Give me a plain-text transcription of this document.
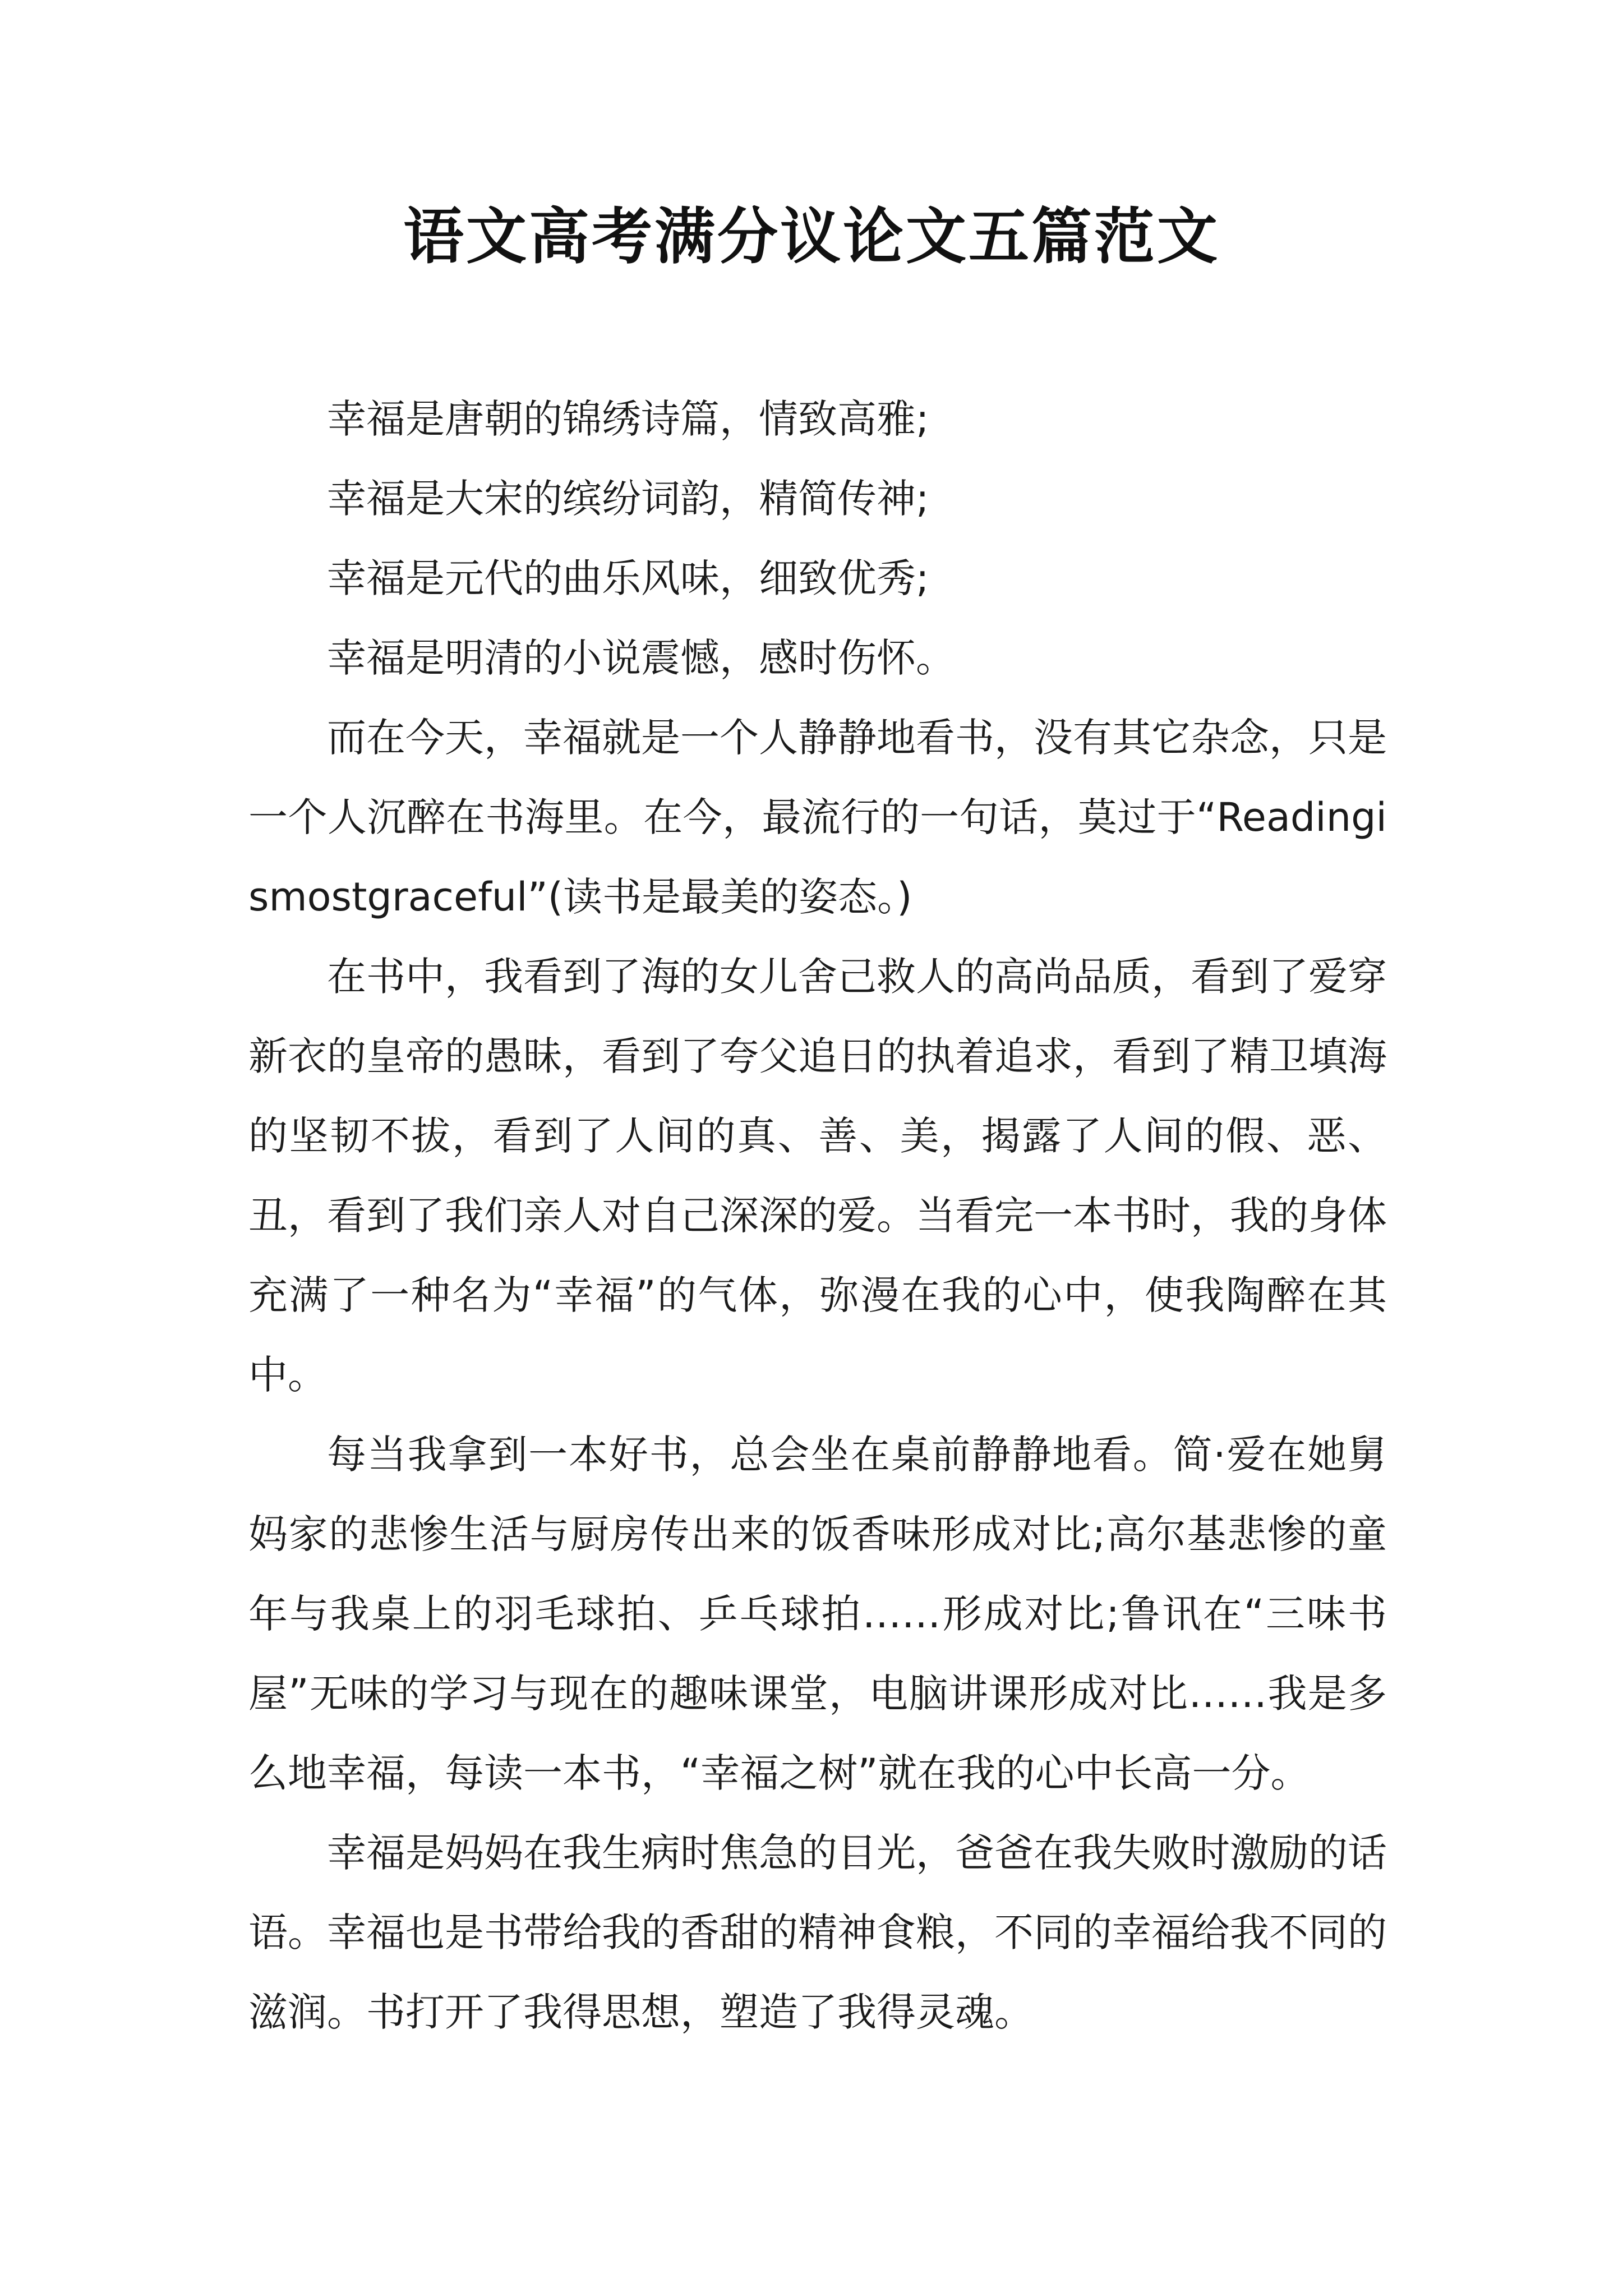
语文高考满分议论文五篇范文

幸福是唐朝的锦绣诗篇，情致高雅;

幸福是大宋的缤纷词韵，精简传神;

幸福是元代的曲乐风味，细致优秀;

幸福是明清的小说震憾，感时伤怀。

而在今天，幸福就是一个人静静地看书，没有其它杂念，只是一个人沉醉在书海里。在今，最流行的一句话，莫过于“Readingismostgraceful”(读书是最美的姿态。)

在书中，我看到了海的女儿舍己救人的高尚品质，看到了爱穿新衣的皇帝的愚昧，看到了夸父追日的执着追求，看到了精卫填海的坚韧不拔，看到了人间的真、善、美，揭露了人间的假、恶、丑，看到了我们亲人对自己深深的爱。当看完一本书时，我的身体充满了一种名为“幸福”的气体，弥漫在我的心中，使我陶醉在其中。

每当我拿到一本好书，总会坐在桌前静静地看。简·爱在她舅妈家的悲惨生活与厨房传出来的饭香味形成对比;高尔基悲惨的童年与我桌上的羽毛球拍、乒乓球拍……形成对比;鲁讯在“三味书屋”无味的学习与现在的趣味课堂，电脑讲课形成对比……我是多么地幸福，每读一本书，“幸福之树”就在我的心中长高一分。

幸福是妈妈在我生病时焦急的目光，爸爸在我失败时激励的话语。幸福也是书带给我的香甜的精神食粮，不同的幸福给我不同的滋润。书打开了我得思想，塑造了我得灵魂。
